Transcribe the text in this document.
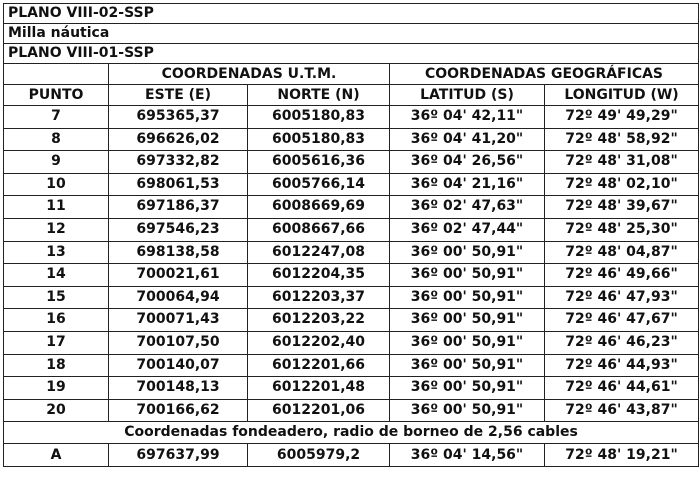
PLANO VIII-02-SSP				
Milla náutica				
PLANO VIII-01-SSP				
	COORDENADAS U.T.M.		COORDENADAS GEOGRÁFICAS	
PUNTO	ESTE (E)	NORTE (N)	LATITUD (S)	LONGITUD (W)
7	695365,37	6005180,83	36º 04' 42,11"	72º 49' 49,29"
8	696626,02	6005180,83	36º 04' 41,20"	72º 48' 58,92"
9	697332,82	6005616,36	36º 04' 26,56"	72º 48' 31,08"
10	698061,53	6005766,14	36º 04' 21,16"	72º 48' 02,10"
11	697186,37	6008669,69	36º 02' 47,63"	72º 48' 39,67"
12	697546,23	6008667,66	36º 02' 47,44"	72º 48' 25,30"
13	698138,58	6012247,08	36º 00' 50,91"	72º 48' 04,87"
14	700021,61	6012204,35	36º 00' 50,91"	72º 46' 49,66"
15	700064,94	6012203,37	36º 00' 50,91"	72º 46' 47,93"
16	700071,43	6012203,22	36º 00' 50,91"	72º 46' 47,67"
17	700107,50	6012202,40	36º 00' 50,91"	72º 46' 46,23"
18	700140,07	6012201,66	36º 00' 50,91"	72º 46' 44,93"
19	700148,13	6012201,48	36º 00' 50,91"	72º 46' 44,61"
20	700166,62	6012201,06	36º 00' 50,91"	72º 46' 43,87"
Coordenadas fondeadero, radio de borneo de 2,56 cables				
A	697637,99	6005979,2	36º 04' 14,56"	72º 48' 19,21"
